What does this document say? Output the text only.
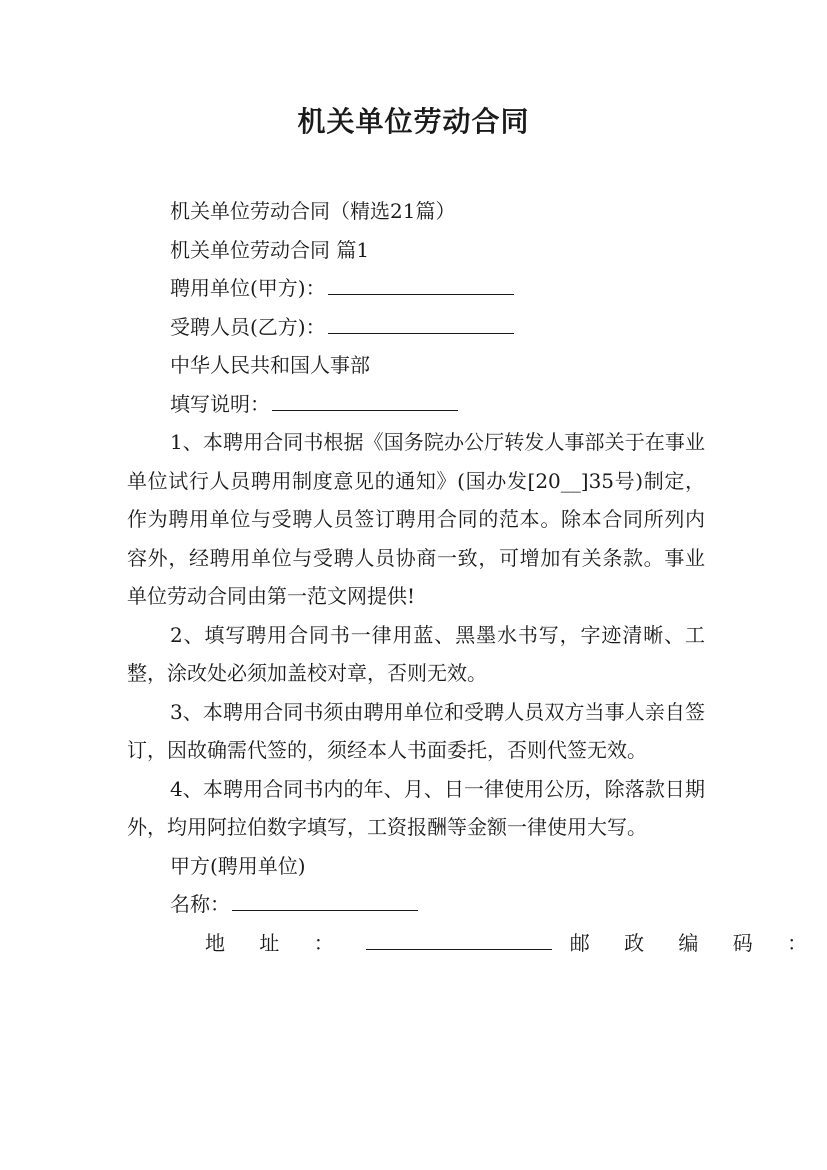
机关单位劳动合同
机关单位劳动合同（精选21篇）
机关单位劳动合同 篇1
聘用单位(甲方)：
受聘人员(乙方)：
中华人民共和国人事部
填写说明：
1、本聘用合同书根据《国务院办公厅转发人事部关于在事业单位试行人员聘用制度意见的通知》(国办发[20__]35号)制定，作为聘用单位与受聘人员签订聘用合同的范本。除本合同所列内容外，经聘用单位与受聘人员协商一致，可增加有关条款。事业单位劳动合同由第一范文网提供!
2、填写聘用合同书一律用蓝、黑墨水书写，字迹清晰、工整，涂改处必须加盖校对章，否则无效。
3、本聘用合同书须由聘用单位和受聘人员双方当事人亲自签订，因故确需代签的，须经本人书面委托，否则代签无效。
4、本聘用合同书内的年、月、日一律使用公历，除落款日期外，均用阿拉伯数字填写，工资报酬等金额一律使用大写。
甲方(聘用单位)
名称：
地 址 ：	邮 政 编 码 ：
